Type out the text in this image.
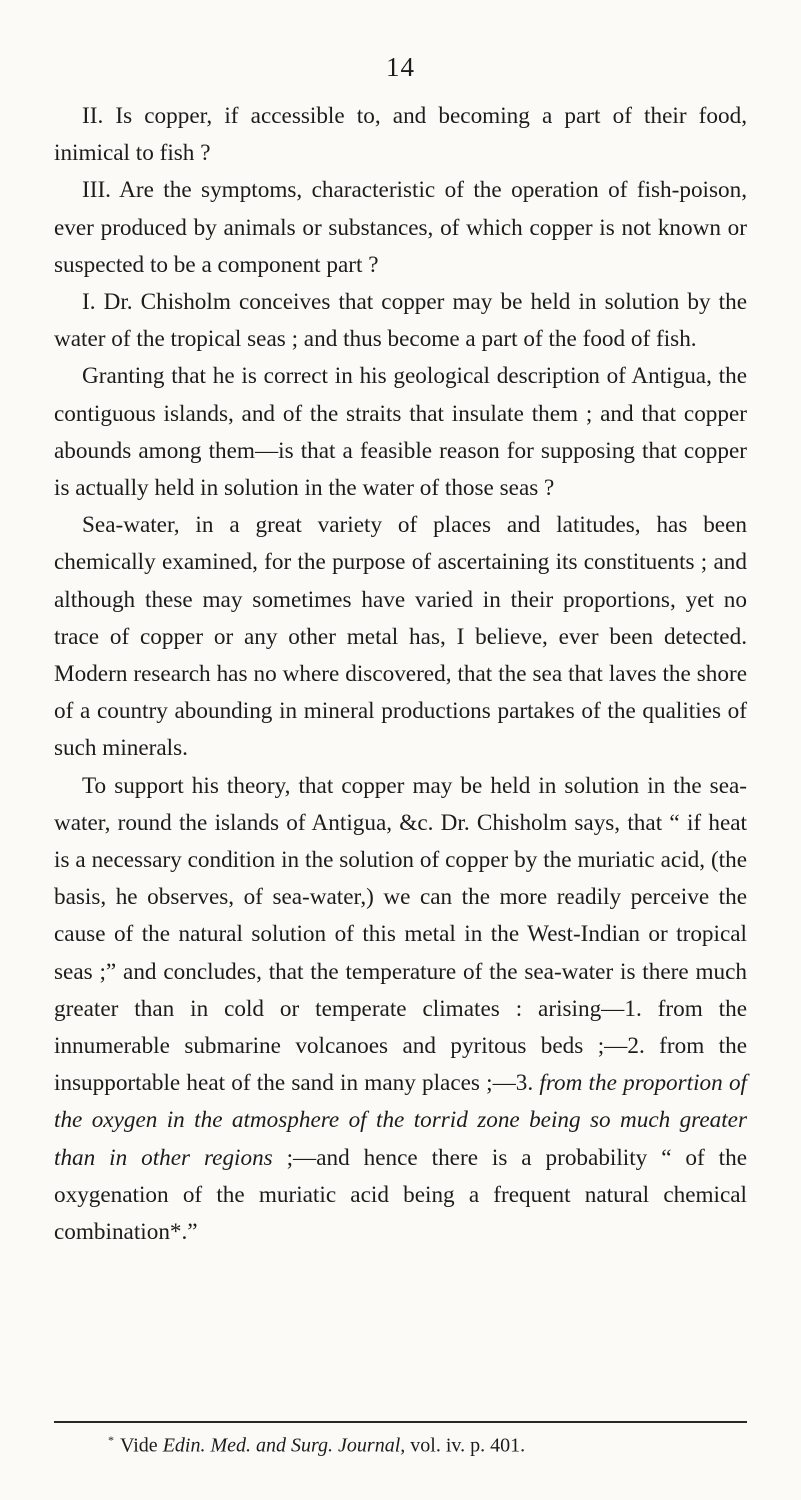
14

II. Is copper, if accessible to, and becoming a part of their food, inimical to fish ?

III. Are the symptoms, characteristic of the operation of fish-poison, ever produced by animals or substances, of which copper is not known or suspected to be a component part ?

I. Dr. Chisholm conceives that copper may be held in solution by the water of the tropical seas ; and thus become a part of the food of fish.

Granting that he is correct in his geological description of Antigua, the contiguous islands, and of the straits that insulate them ; and that copper abounds among them—is that a feasible reason for supposing that copper is actually held in solution in the water of those seas ?

Sea-water, in a great variety of places and latitudes, has been chemically examined, for the purpose of ascertaining its constituents ; and although these may sometimes have varied in their proportions, yet no trace of copper or any other metal has, I believe, ever been detected. Modern research has no where discovered, that the sea that laves the shore of a country abounding in mineral productions partakes of the qualities of such minerals.

To support his theory, that copper may be held in solution in the sea-water, round the islands of Antigua, &c. Dr. Chisholm says, that “ if heat is a necessary condition in the solution of copper by the muriatic acid, (the basis, he observes, of sea-water,) we can the more readily perceive the cause of the natural solution of this metal in the West-Indian or tropical seas ;” and concludes, that the temperature of the sea-water is there much greater than in cold or temperate climates : arising—1. from the innumerable submarine volcanoes and pyritous beds ;—2. from the insupportable heat of the sand in many places ;—3. from the proportion of the oxygen in the atmosphere of the torrid zone being so much greater than in other regions ;—and hence there is a probability “ of the oxygenation of the muriatic acid being a frequent natural chemical combination*.”

* Vide Edin. Med. and Surg. Journal, vol. iv. p. 401.
